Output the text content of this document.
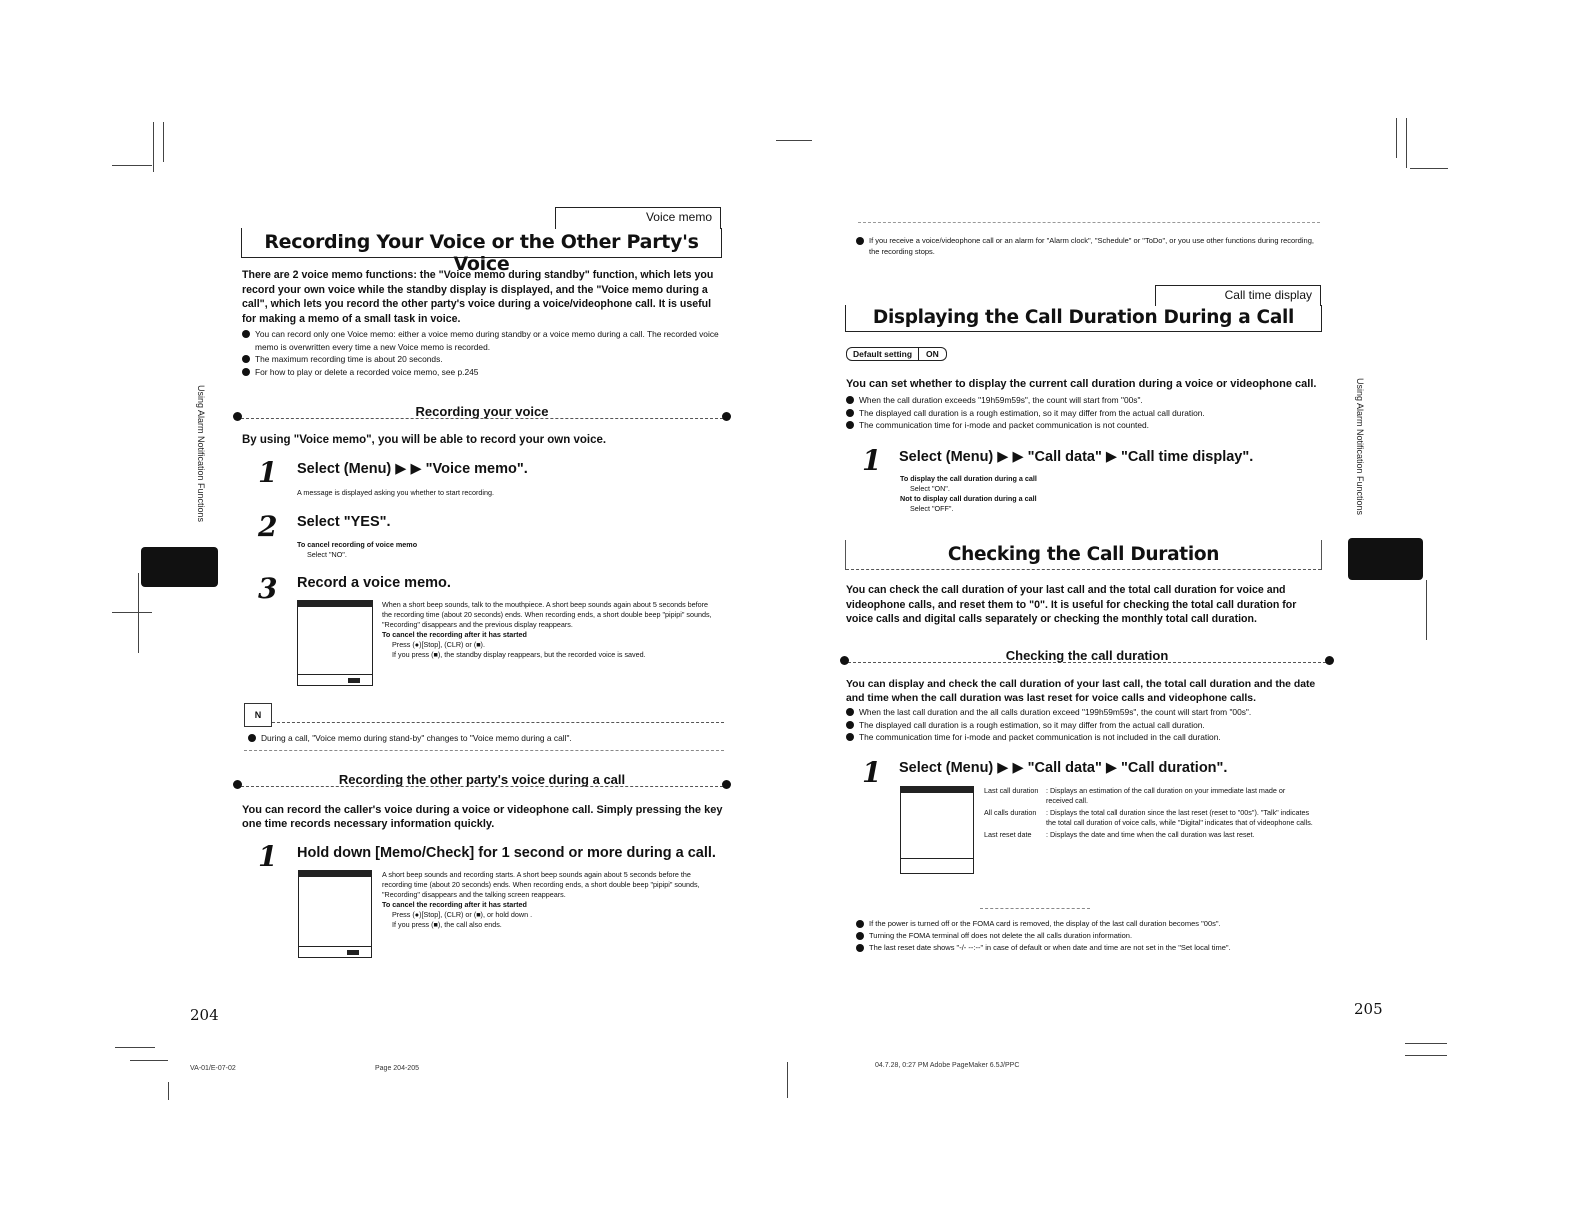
Voice memo
Recording Your Voice or the Other Party's Voice
There are 2 voice memo functions: the "Voice memo during standby" function, which lets you record your own voice while the standby display is displayed, and the "Voice memo during a call", which lets you record the other party's voice during a voice/videophone call. It is useful for making a memo of a small task in voice.
You can record only one Voice memo: either a voice memo during standby or a voice memo during a call. The recorded voice memo is overwritten every time a new Voice memo is recorded.
The maximum recording time is about 20 seconds.
For how to play or delete a recorded voice memo, see p.245
Using Alarm Notification Functions	Recording your voice
By using "Voice memo", you will be able to record your own voice.
1 Select (Menu) ▶ ▶ "Voice memo".
A message is displayed asking you whether to start recording.
2 Select "YES".
To cancel recording of voice memo
Select "NO".
3 Record a voice memo.
When a short beep sounds, talk to the mouthpiece. A short beep sounds again about 5 seconds before the recording time (about 20 seconds) ends. When recording ends, a short double beep "pipipi" sounds, "Recording" disappears and the previous display reappears.
To cancel the recording after it has started
Press (●)[Stop], (CLR) or (■).
If you press (■), the standby display reappears, but the recorded voice is saved.
N
During a call, "Voice memo during stand-by" changes to "Voice memo during a call".
Recording the other party's voice during a call
You can record the caller's voice during a voice or videophone call. Simply pressing the key one time records necessary information quickly.
1 Hold down [Memo/Check] for 1 second or more during a call.
A short beep sounds and recording starts. A short beep sounds again about 5 seconds before the recording time (about 20 seconds) ends. When recording ends, a short double beep "pipipi" sounds, "Recording" disappears and the talking screen reappears.
To cancel the recording after it has started
Press (●)[Stop], (CLR) or (■), or hold down .
If you press (■), the call also ends.
204
VA-01/E-07-02	Page 204-205
If you receive a voice/videophone call or an alarm for "Alarm clock", "Schedule" or "ToDo", or you use other functions during recording, the recording stops.
Call time display
Displaying the Call Duration During a Call
Default setting ON
You can set whether to display the current call duration during a voice or videophone call.
When the call duration exceeds "19h59m59s", the count will start from "00s".
The displayed call duration is a rough estimation, so it may differ from the actual call duration.
The communication time for i-mode and packet communication is not counted.
1 Select (Menu) ▶ ▶ "Call data" ▶ "Call time display".
To display the call duration during a call
Select "ON".
Not to display call duration during a call
Select "OFF".	Using Alarm Notification Functions
Checking the Call Duration
You can check the call duration of your last call and the total call duration for voice and videophone calls, and reset them to "0". It is useful for checking the total call duration for voice calls and digital calls separately or checking the monthly total call duration.
Checking the call duration
You can display and check the call duration of your last call, the total call duration and the date and time when the call duration was last reset for voice calls and videophone calls.
When the last call duration and the all calls duration exceed "199h59m59s", the count will start from "00s".
The displayed call duration is a rough estimation, so it may differ from the actual call duration.
The communication time for i-mode and packet communication is not included in the call duration.
1 Select (Menu) ▶ ▶ "Call data" ▶ "Call duration".
Last call duration	: Displays an estimation of the call duration on your immediate last made or received call.
All calls duration	: Displays the total call duration since the last reset (reset to "00s"). "Talk" indicates the total call duration of voice calls, while "Digital" indicates that of videophone calls.
Last reset date	: Displays the date and time when the call duration was last reset.
If the power is turned off or the FOMA card is removed, the display of the last call duration becomes "00s".
Turning the FOMA terminal off does not delete the all calls duration information.
The last reset date shows "-/- --:--" in case of default or when date and time are not set in the "Set local time".
205
04.7.28, 0:27 PM Adobe PageMaker 6.5J/PPC
